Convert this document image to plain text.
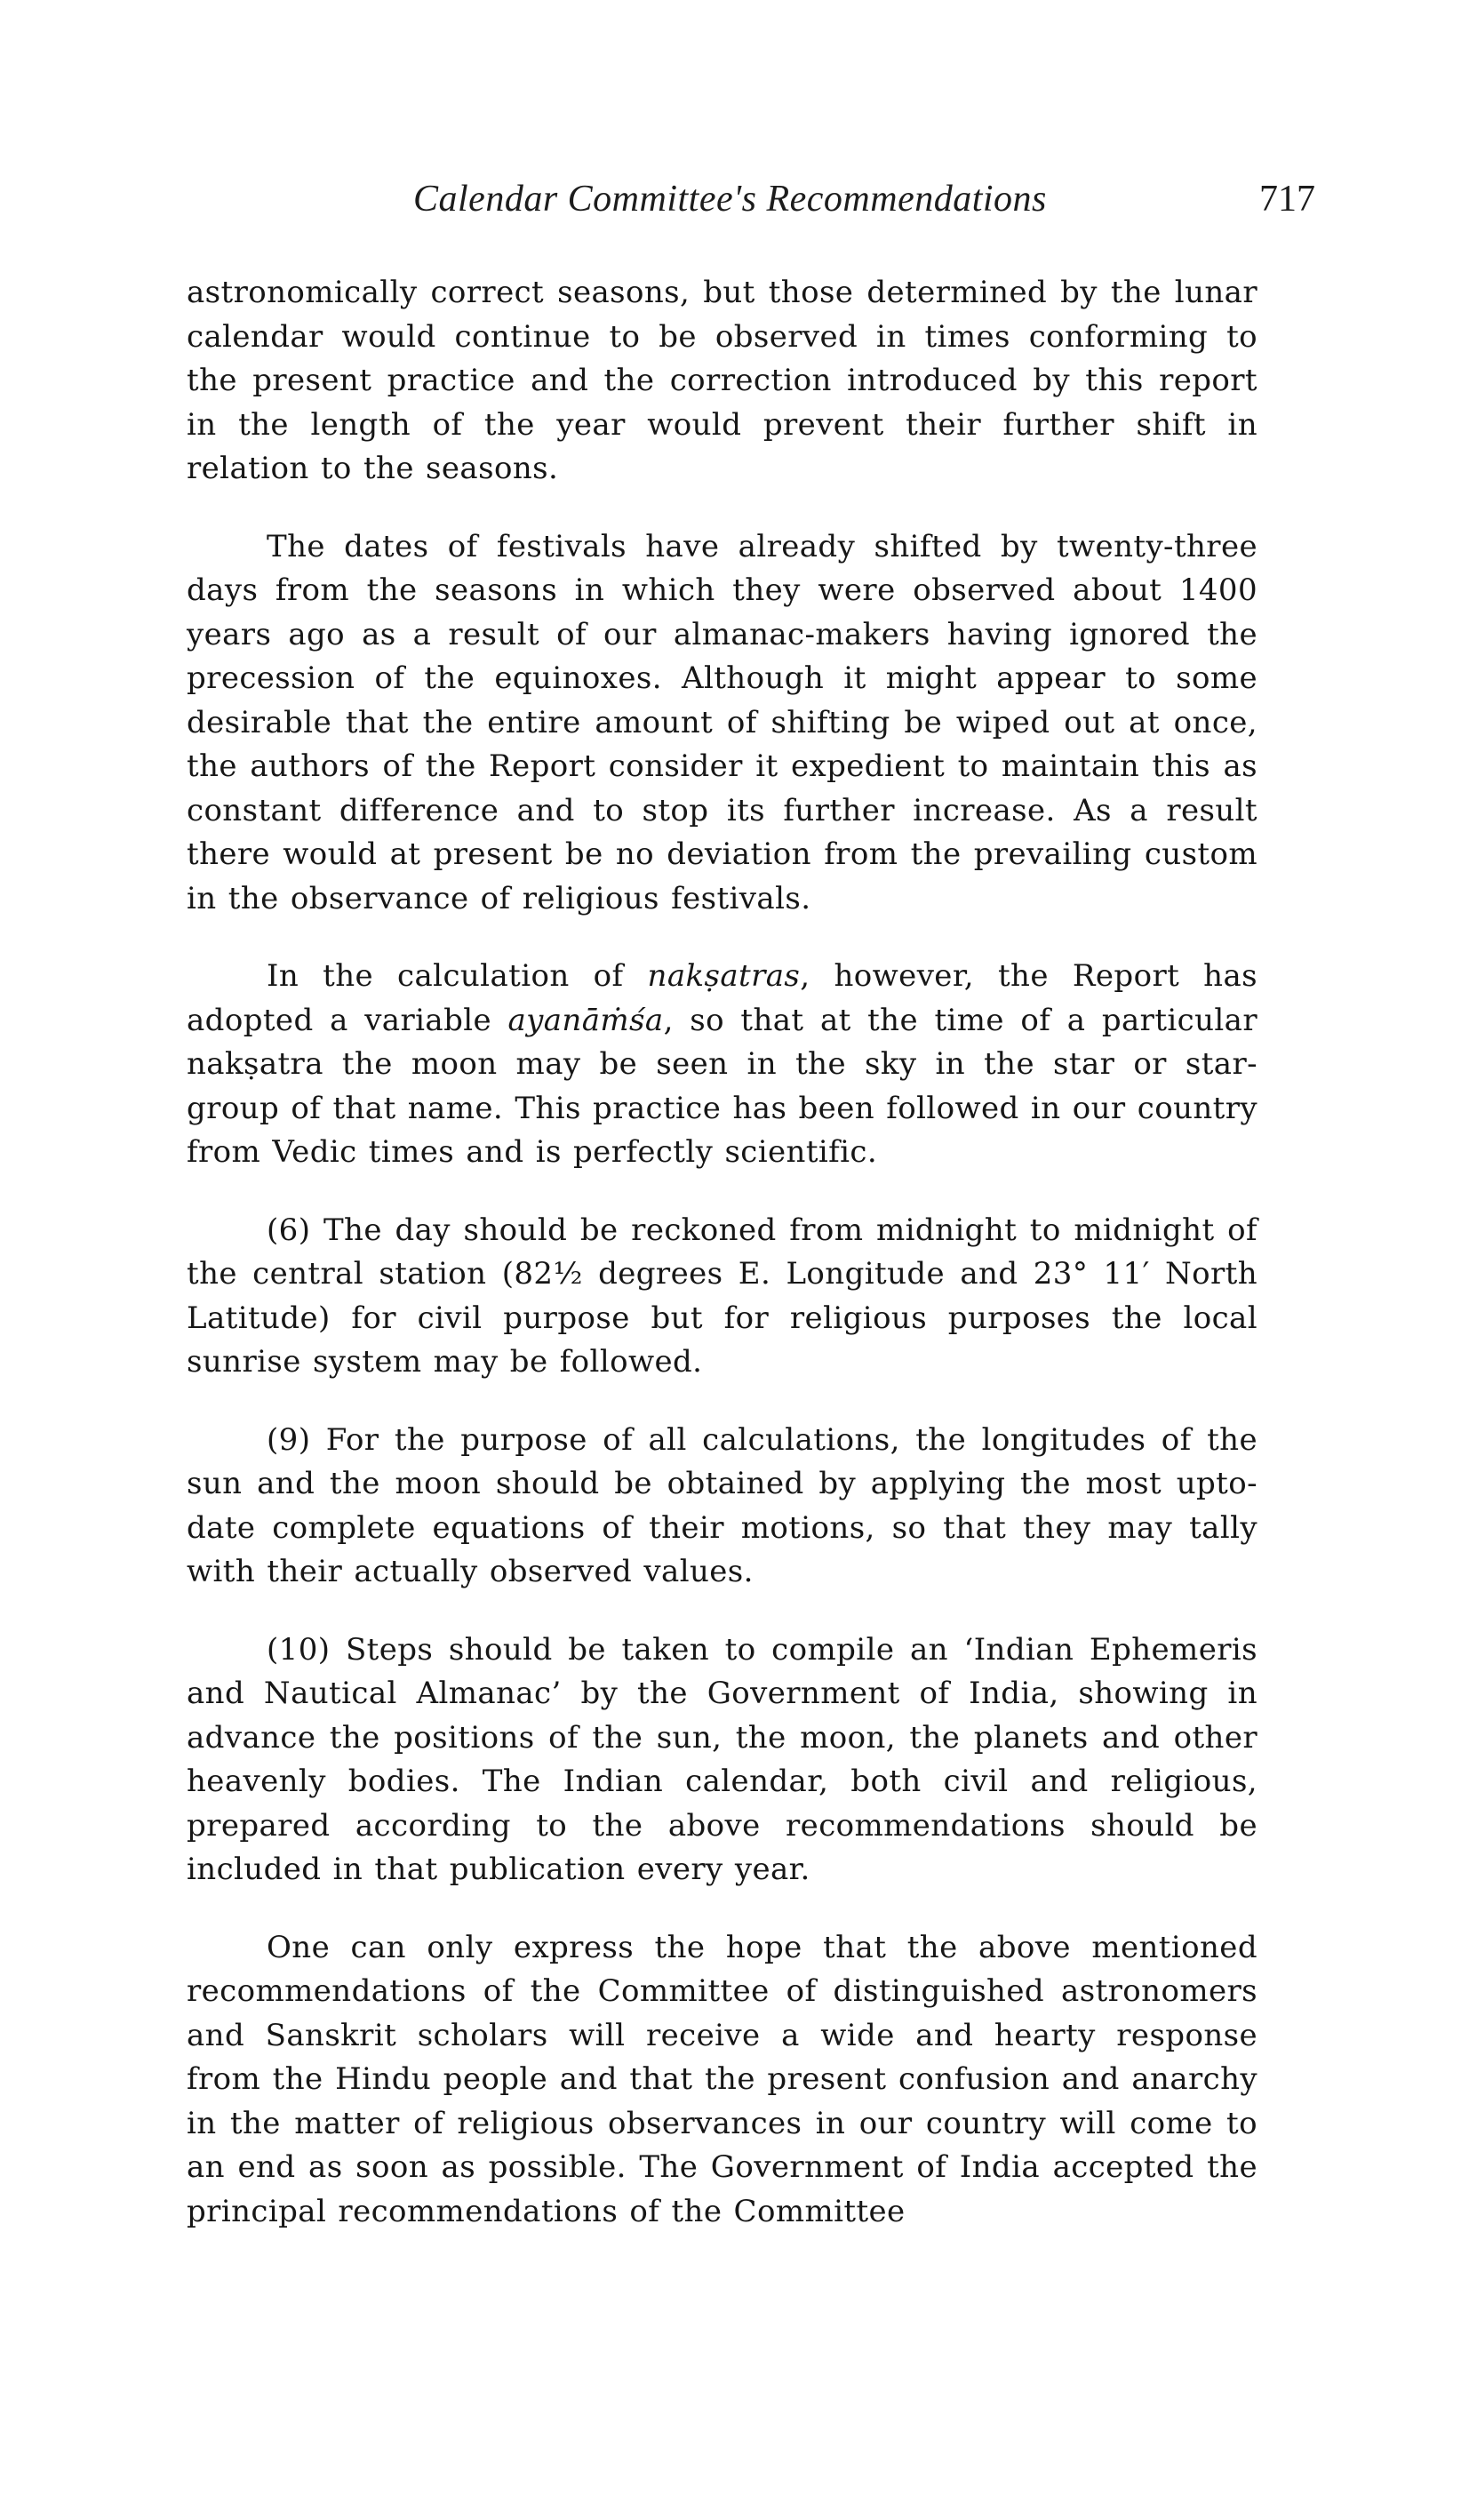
Calendar Committee's Recommendations	717

astronomically correct seasons, but those determined by the lunar calendar would continue to be observed in times conforming to the present practice and the correction introduced by this report in the length of the year would prevent their further shift in relation to the seasons.

The dates of festivals have already shifted by twenty-three days from the seasons in which they were observed about 1400 years ago as a result of our almanac-makers having ignored the precession of the equinoxes. Although it might appear to some desirable that the entire amount of shifting be wiped out at once, the authors of the Report consider it expedient to maintain this as constant difference and to stop its further increase. As a result there would at present be no deviation from the prevailing custom in the observance of religious festivals.

In the calculation of nakṣatras, however, the Report has adopted a variable ayanāṁśa, so that at the time of a particular nakṣatra the moon may be seen in the sky in the star or star-group of that name. This practice has been followed in our country from Vedic times and is perfectly scientific.

(6) The day should be reckoned from midnight to midnight of the central station (82½ degrees E. Longitude and 23° 11′ North Latitude) for civil purpose but for religious purposes the local sunrise system may be followed.

(9) For the purpose of all calculations, the longitudes of the sun and the moon should be obtained by applying the most upto-date complete equations of their motions, so that they may tally with their actually observed values.

(10) Steps should be taken to compile an ‘Indian Ephemeris and Nautical Almanac’ by the Government of India, showing in advance the positions of the sun, the moon, the planets and other heavenly bodies. The Indian calendar, both civil and religious, prepared according to the above recommendations should be included in that publication every year.

One can only express the hope that the above mentioned recommendations of the Committee of distinguished astronomers and Sanskrit scholars will receive a wide and hearty response from the Hindu people and that the present confusion and anarchy in the matter of religious observances in our country will come to an end as soon as possible. The Government of India accepted the principal recommendations of the Committee
